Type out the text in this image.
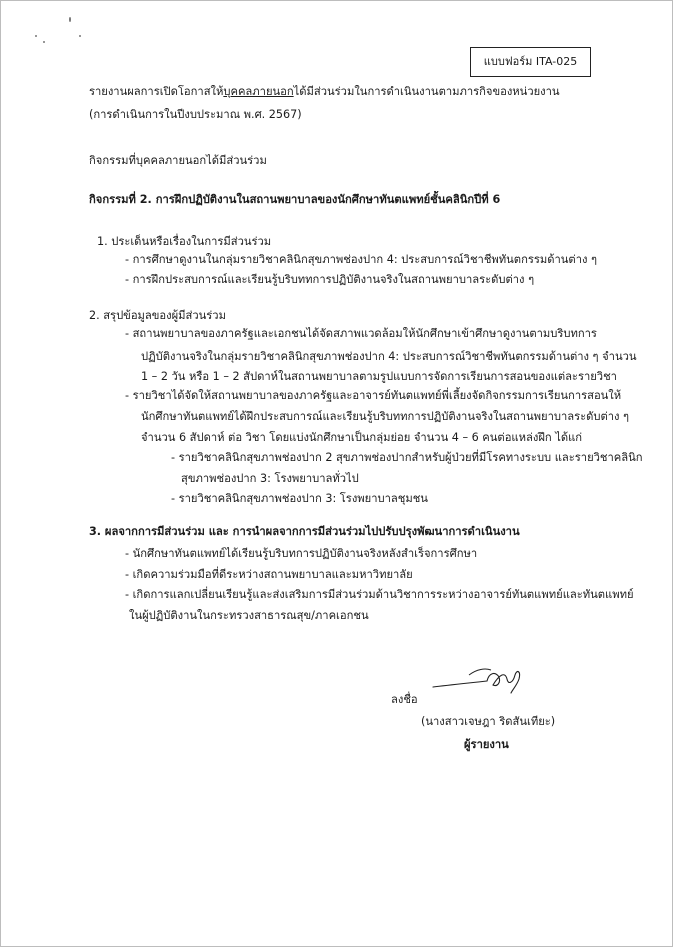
แบบฟอร์ม ITA-025
รายงานผลการเปิดโอกาสให้บุคคลภายนอกได้มีส่วนร่วมในการดำเนินงานตามภารกิจของหน่วยงาน
(การดำเนินการในปีงบประมาณ พ.ศ. 2567)
กิจกรรมที่บุคคลภายนอกได้มีส่วนร่วม
กิจกรรมที่ 2. การฝึกปฏิบัติงานในสถานพยาบาลของนักศึกษาทันตแพทย์ชั้นคลินิกปีที่ 6
1. ประเด็นหรือเรื่องในการมีส่วนร่วม
- การศึกษาดูงานในกลุ่มรายวิชาคลินิกสุขภาพช่องปาก 4: ประสบการณ์วิชาชีพทันตกรรมด้านต่าง ๆ
- การฝึกประสบการณ์และเรียนรู้บริบททการปฏิบัติงานจริงในสถานพยาบาลระดับต่าง ๆ
2. สรุปข้อมูลของผู้มีส่วนร่วม
- สถานพยาบาลของภาครัฐและเอกชนได้จัดสภาพแวดล้อมให้นักศึกษาเข้าศึกษาดูงานตามบริบทการ
ปฏิบัติงานจริงในกลุ่มรายวิชาคลินิกสุขภาพช่องปาก 4: ประสบการณ์วิชาชีพทันตกรรมด้านต่าง ๆ จำนวน
1 – 2 วัน หรือ 1 – 2 สัปดาห์ในสถานพยาบาลตามรูปแบบการจัดการเรียนการสอนของแต่ละรายวิชา
- รายวิชาได้จัดให้สถานพยาบาลของภาครัฐและอาจารย์ทันตแพทย์พี่เลี้ยงจัดกิจกรรมการเรียนการสอนให้
นักศึกษาทันตแพทย์ได้ฝึกประสบการณ์และเรียนรู้บริบททการปฏิบัติงานจริงในสถานพยาบาลระดับต่าง ๆ
จำนวน 6 สัปดาห์ ต่อ วิชา โดยแบ่งนักศึกษาเป็นกลุ่มย่อย จำนวน 4 – 6 คนต่อแหล่งฝึก ได้แก่
- รายวิชาคลินิกสุขภาพช่องปาก 2 สุขภาพช่องปากสำหรับผู้ป่วยที่มีโรคทางระบบ และรายวิชาคลินิก
สุขภาพช่องปาก 3: โรงพยาบาลทั่วไป
- รายวิชาคลินิกสุขภาพช่องปาก 3: โรงพยาบาลชุมชน
3. ผลจากการมีส่วนร่วม และ การนำผลจากการมีส่วนร่วมไปปรับปรุงพัฒนาการดำเนินงาน
- นักศึกษาทันตแพทย์ได้เรียนรู้บริบทการปฏิบัติงานจริงหลังสำเร็จการศึกษา
- เกิดความร่วมมือที่ดีระหว่างสถานพยาบาลและมหาวิทยาลัย
- เกิดการแลกเปลี่ยนเรียนรู้และส่งเสริมการมีส่วนร่วมด้านวิชาการระหว่างอาจารย์ทันตแพทย์และทันตแพทย์
ในผู้ปฏิบัติงานในกระทรวงสาธารณสุข/ภาคเอกชน
ลงชื่อ
(นางสาวเจษฎา ริดสันเทียะ)
ผู้รายงาน
